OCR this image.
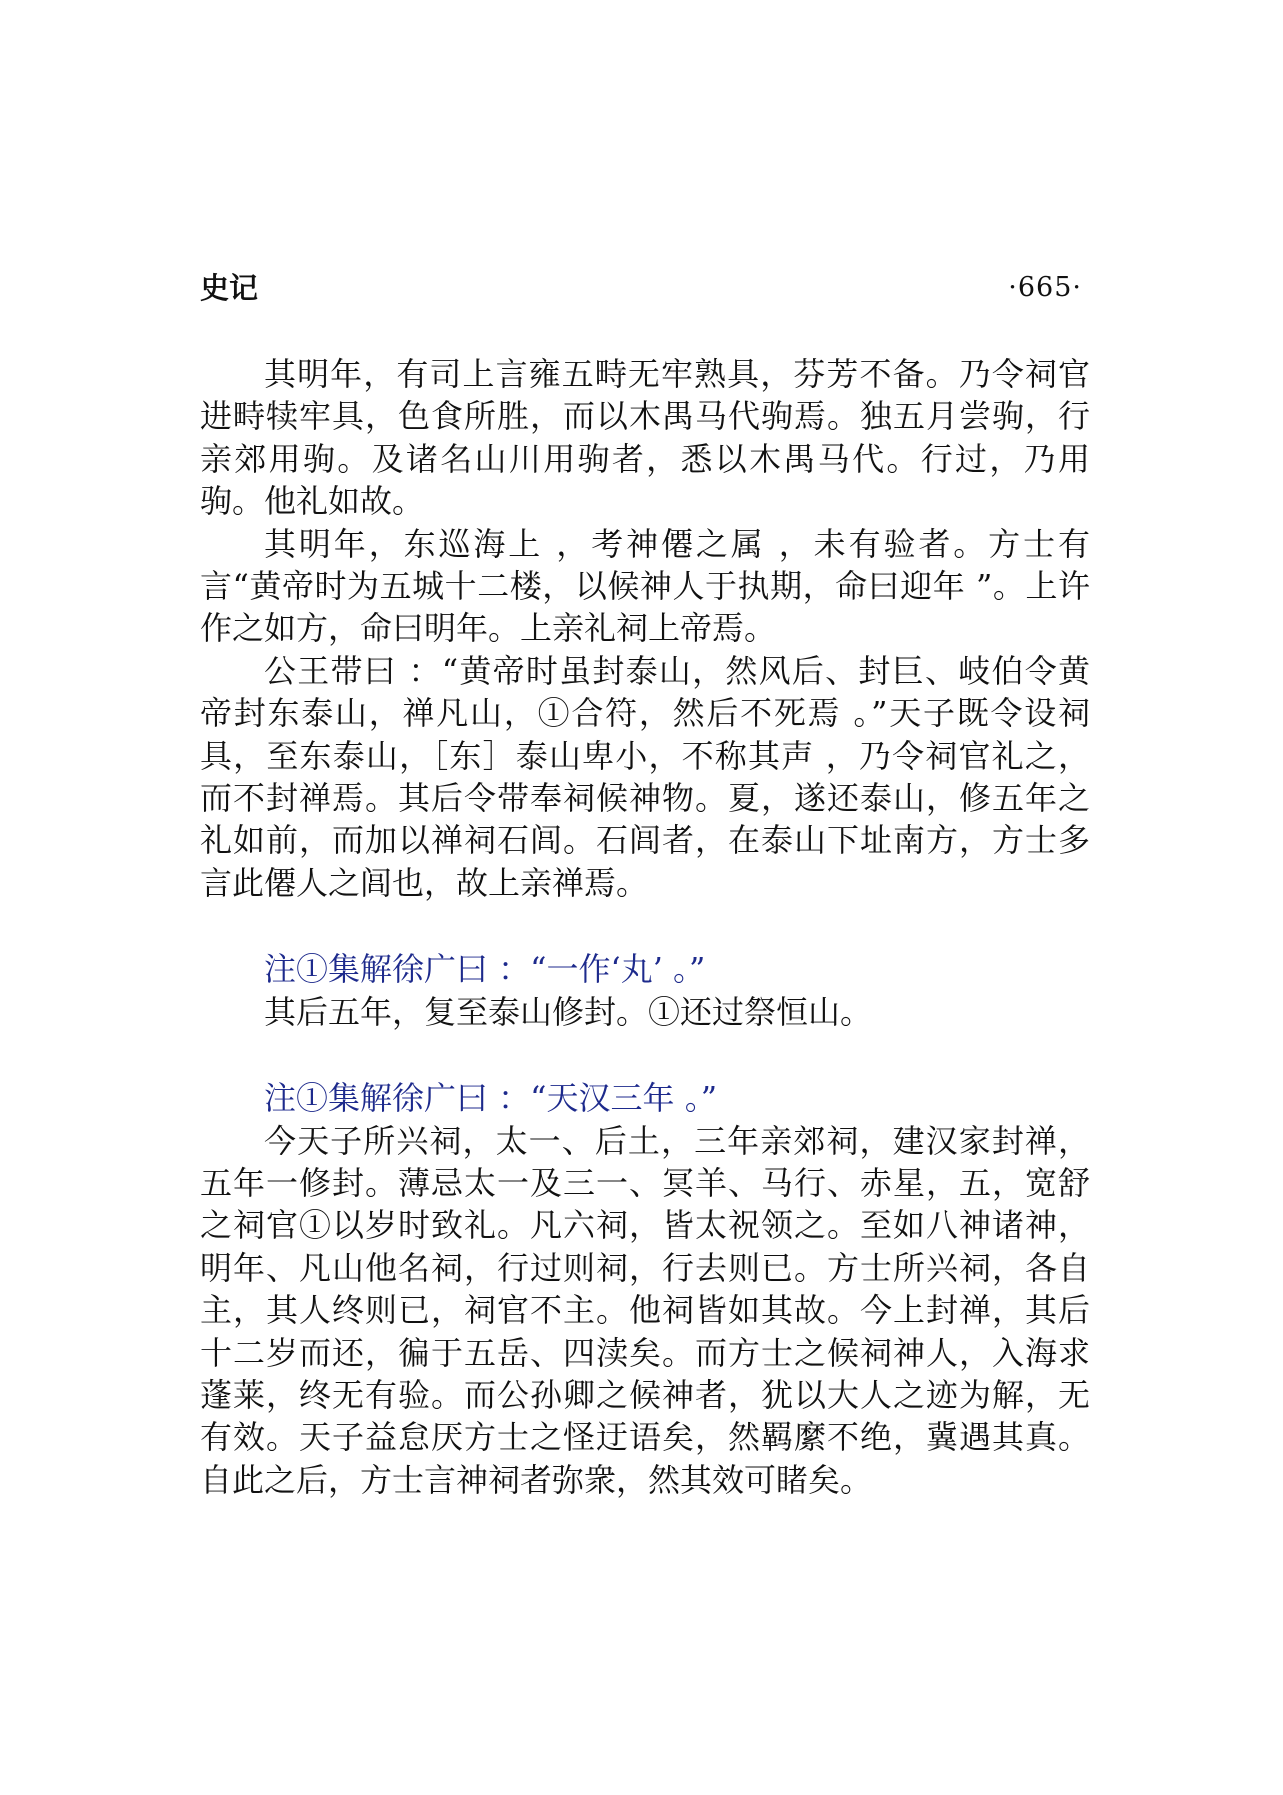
史记	·665·

其明年，有司上言雍五畤无牢熟具，芬芳不备。乃令祠官进畤犊牢具，色食所胜，而以木禺马代驹焉。独五月尝驹，行亲郊用驹。及诸名山川用驹者，悉以木禺马代。行过，乃用驹。他礼如故。

其明年，东巡海上 ，考神僊之属 ，未有验者。方士有言“黄帝时为五城十二楼，以候神人于执期，命曰迎年 ”。上许作之如方，命曰明年。上亲礼祠上帝焉。

公王带曰 ：“黄帝时虽封泰山，然风后、封巨、岐伯令黄帝封东泰山，禅凡山，①合符，然后不死焉 。”天子既令设祠具，至东泰山，［东］泰山卑小，不称其声 ，乃令祠官礼之，而不封禅焉。其后令带奉祠候神物。夏，遂还泰山，修五年之礼如前，而加以禅祠石闾。石闾者，在泰山下址南方，方士多言此僊人之闾也，故上亲禅焉。

注①集解徐广曰 ：“一作‘丸’ 。”

其后五年，复至泰山修封。①还过祭恒山。

注①集解徐广曰 ：“天汉三年 。”

今天子所兴祠，太一、后土，三年亲郊祠，建汉家封禅，五年一修封。薄忌太一及三一、冥羊、马行、赤星，五，宽舒之祠官①以岁时致礼。凡六祠，皆太祝领之。至如八神诸神，明年、凡山他名祠，行过则祠，行去则已。方士所兴祠，各自主，其人终则已，祠官不主。他祠皆如其故。今上封禅，其后十二岁而还，徧于五岳、四渎矣。而方士之候祠神人，入海求蓬莱，终无有验。而公孙卿之候神者，犹以大人之迹为解，无有效。天子益怠厌方士之怪迂语矣，然羁縻不绝，冀遇其真。自此之后，方士言神祠者弥衆，然其效可睹矣。
